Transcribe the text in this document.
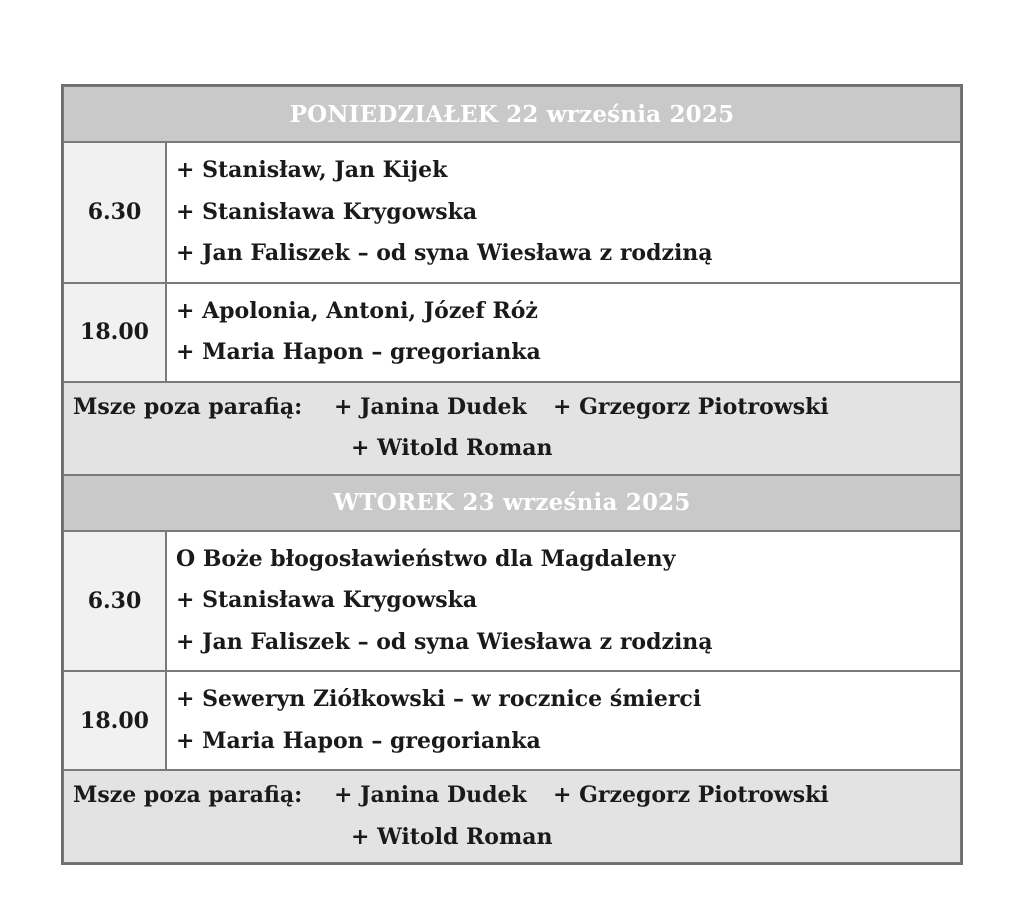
PONIEDZIAŁEK 22 września 2025	
6.30	+ Stanisław, Jan Kijek
+ Stanisława Krygowska
+ Jan Faliszek – od syna Wiesława z rodziną

18.00	+ Apolonia, Antoni, Józef Róż
+ Maria Hapon – gregorianka

Msze poza parafią: + Janina Dudek + Grzegorz Piotrowski
+ Witold Roman	

WTOREK 23 września 2025	
6.30	O Boże błogosławieństwo dla Magdaleny
+ Stanisława Krygowska
+ Jan Faliszek – od syna Wiesława z rodziną

18.00	+ Seweryn Ziółkowski – w rocznice śmierci
+ Maria Hapon – gregorianka

Msze poza parafią: + Janina Dudek + Grzegorz Piotrowski
+ Witold Roman	
